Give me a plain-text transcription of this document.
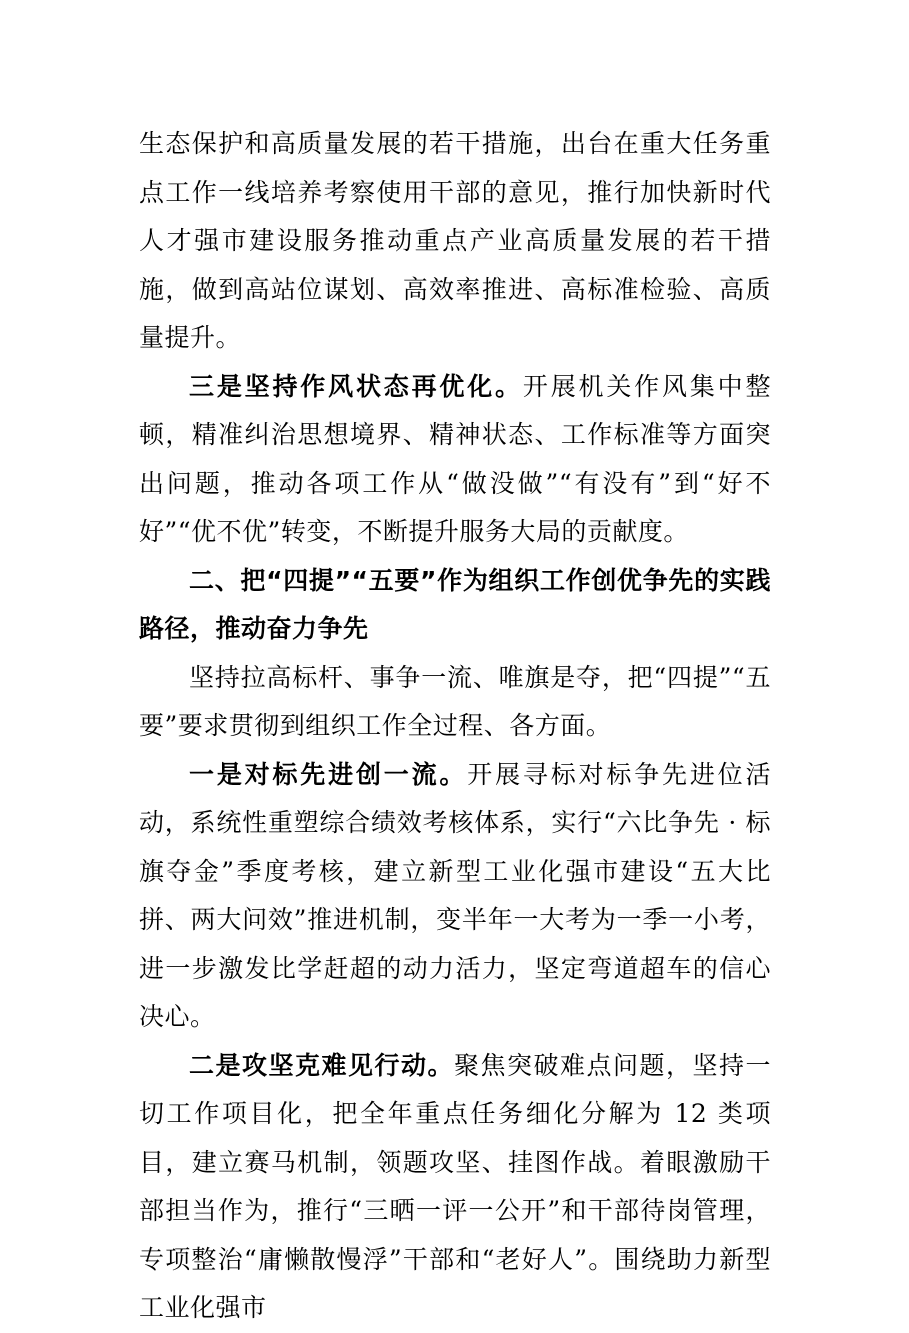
生态保护和高质量发展的若干措施，出台在重大任务重点工作一线培养考察使用干部的意见，推行加快新时代人才强市建设服务推动重点产业高质量发展的若干措施，做到高站位谋划、高效率推进、高标准检验、高质量提升。

三是坚持作风状态再优化。开展机关作风集中整顿，精准纠治思想境界、精神状态、工作标准等方面突出问题，推动各项工作从“做没做”“有没有”到“好不好”“优不优”转变，不断提升服务大局的贡献度。

二、把“四提”“五要”作为组织工作创优争先的实践路径，推动奋力争先

坚持拉高标杆、事争一流、唯旗是夺，把“四提”“五要”要求贯彻到组织工作全过程、各方面。

一是对标先进创一流。开展寻标对标争先进位活动，系统性重塑综合绩效考核体系，实行“六比争先 · 标旗夺金”季度考核，建立新型工业化强市建设“五大比拼、两大问效”推进机制，变半年一大考为一季一小考，进一步激发比学赶超的动力活力，坚定弯道超车的信心决心。

二是攻坚克难见行动。聚焦突破难点问题，坚持一切工作项目化，把全年重点任务细化分解为 12 类项目，建立赛马机制，领题攻坚、挂图作战。着眼激励干部担当作为，推行“三晒一评一公开”和干部待岗管理，专项整治“庸懒散慢浮”干部和“老好人”。围绕助力新型工业化强市
